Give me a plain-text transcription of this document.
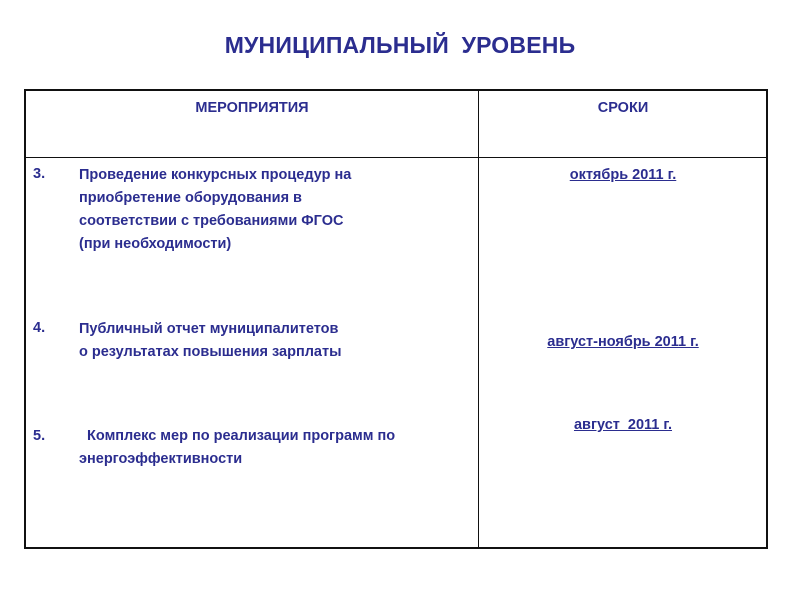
МУНИЦИПАЛЬНЫЙ УРОВЕНЬ
МЕРОПРИЯТИЯ	СРОКИ
3. Проведение конкурсных процедур на
приобретение оборудования в
соответствии с требованиями ФГОС
(при необходимости)
октябрь 2011 г.
4. Публичный отчет муниципалитетов
о результатах повышения зарплаты
август-ноябрь 2011 г.
5. Комплекс мер по реализации программ по
энергоэффективности
август  2011 г.
